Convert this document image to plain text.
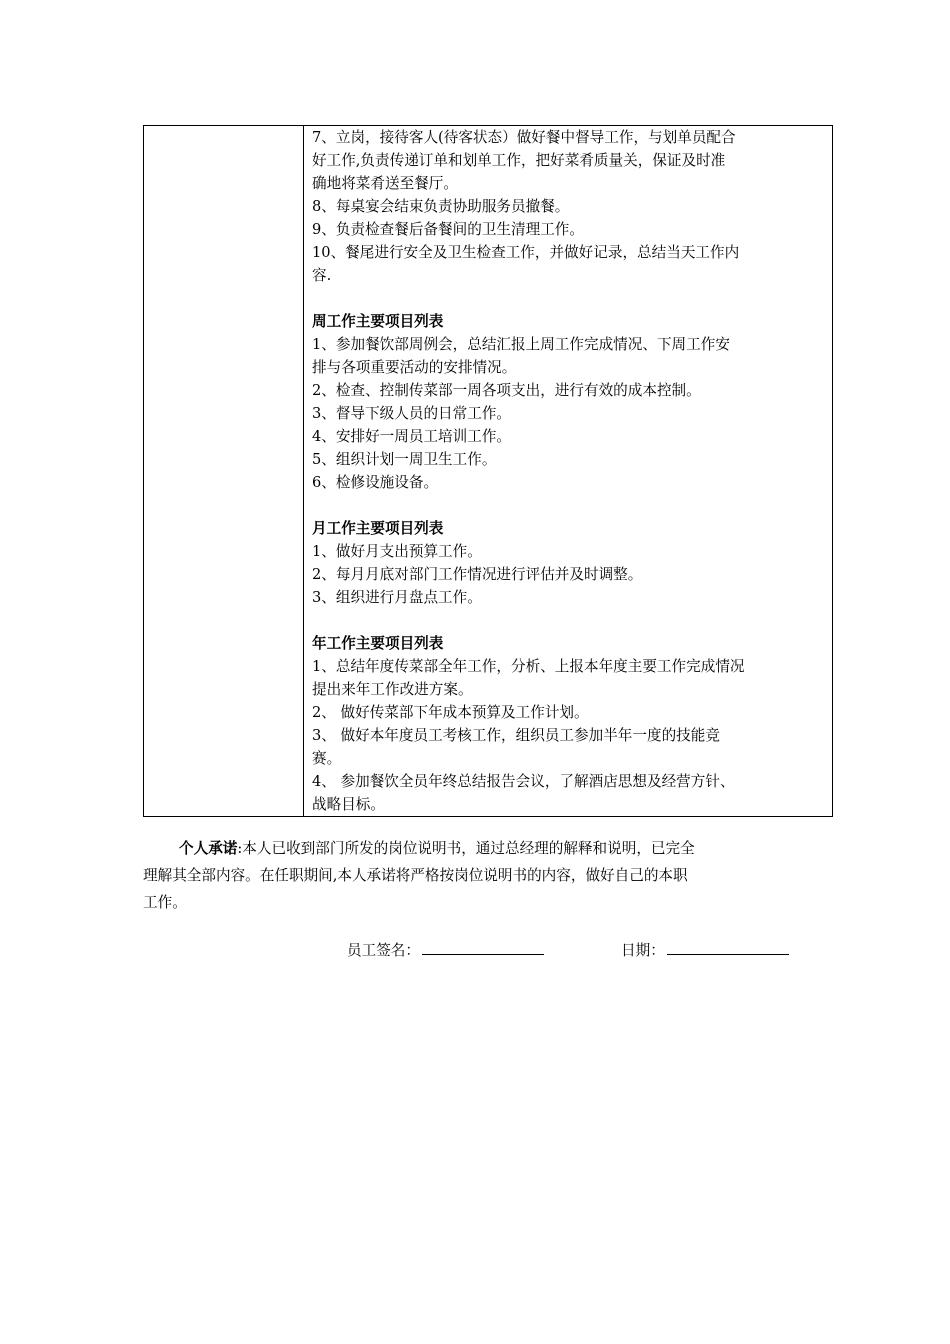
7、立岗，接待客人(待客状态）做好餐中督导工作，与划单员配合
好工作,负责传递订单和划单工作，把好菜肴质量关，保证及时准
确地将菜肴送至餐厅。
8、每桌宴会结束负责协助服务员撤餐。
9、负责检查餐后备餐间的卫生清理工作。
10、餐尾进行安全及卫生检查工作，并做好记录，总结当天工作内
容.
周工作主要项目列表
1、参加餐饮部周例会，总结汇报上周工作完成情况、下周工作安
排与各项重要活动的安排情况。
2、检查、控制传菜部一周各项支出，进行有效的成本控制。
3、督导下级人员的日常工作。
4、安排好一周员工培训工作。
5、组织计划一周卫生工作。
6、检修设施设备。
月工作主要项目列表
1、做好月支出预算工作。
2、每月月底对部门工作情况进行评估并及时调整。
3、组织进行月盘点工作。
年工作主要项目列表
1、总结年度传菜部全年工作，分析、上报本年度主要工作完成情况
提出来年工作改进方案。
2、 做好传菜部下年成本预算及工作计划。
3、 做好本年度员工考核工作，组织员工参加半年一度的技能竞
赛。
4、 参加餐饮全员年终总结报告会议，了解酒店思想及经营方针、
战略目标。
个人承诺:本人已收到部门所发的岗位说明书，通过总经理的解释和说明，已完全
理解其全部内容。在任职期间,本人承诺将严格按岗位说明书的内容，做好自己的本职
工作。
员工签名：	日期：
